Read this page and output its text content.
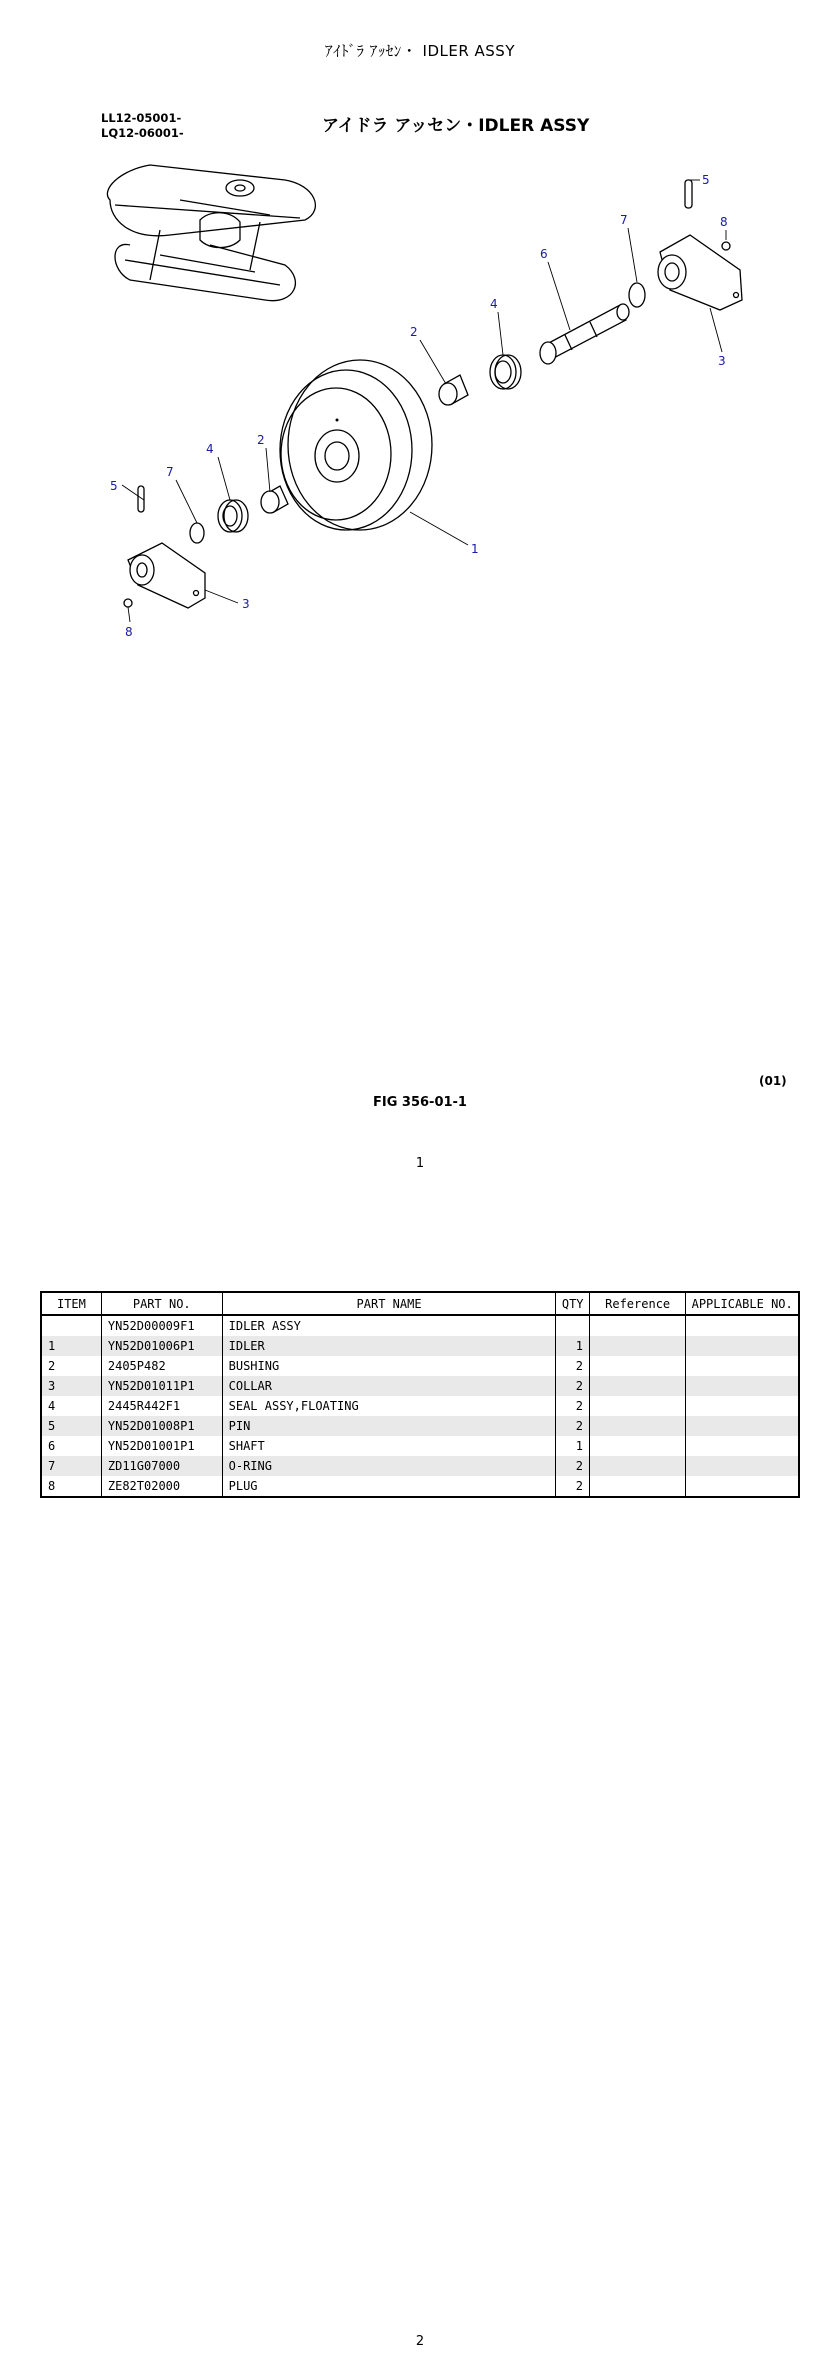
ｱｲﾄﾞﾗ ｱｯｾﾝ・ IDLER ASSY
LL12-05001-
LQ12-06001-	アイドラ アッセン・IDLER ASSY
5
8
7
3
6
4
2
1
2
4
7
5
3
8
(01)
FIG 356-01-1
1
ITEM	PART NO.	PART NAME	QTY	Reference	APPLICABLE NO.
	YN52D00009F1	IDLER ASSY			
1	YN52D01006P1	IDLER	1		
2	2405P482	BUSHING	2		
3	YN52D01011P1	COLLAR	2		
4	2445R442F1	SEAL ASSY,FLOATING	2		
5	YN52D01008P1	PIN	2		
6	YN52D01001P1	SHAFT	1		
7	ZD11G07000	O-RING	2		
8	ZE82T02000	PLUG	2		
2
